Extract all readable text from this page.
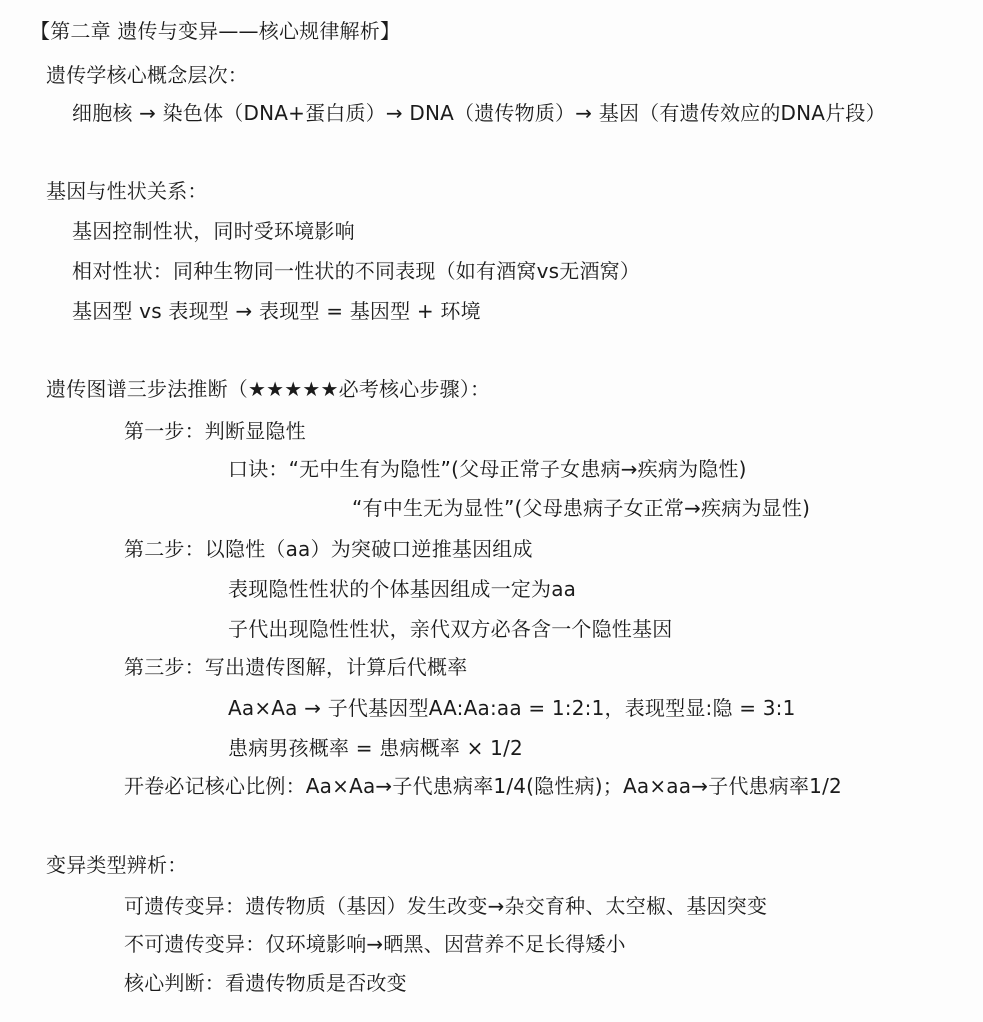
【第二章 遗传与变异——核心规律解析】
遗传学核心概念层次：
细胞核 → 染色体（DNA+蛋白质）→ DNA（遗传物质）→ 基因（有遗传效应的DNA片段）
基因与性状关系：
基因控制性状，同时受环境影响
相对性状：同种生物同一性状的不同表现（如有酒窝vs无酒窝）
基因型 vs 表现型 → 表现型 = 基因型 + 环境
遗传图谱三步法推断（★★★★★必考核心步骤）：
第一步：判断显隐性
口诀：“无中生有为隐性”(父母正常子女患病→疾病为隐性)
“有中生无为显性”(父母患病子女正常→疾病为显性)
第二步：以隐性（aa）为突破口逆推基因组成
表现隐性性状的个体基因组成一定为aa
子代出现隐性性状，亲代双方必各含一个隐性基因
第三步：写出遗传图解，计算后代概率
Aa×Aa → 子代基因型AA:Aa:aa = 1:2:1，表现型显:隐 = 3:1
患病男孩概率 = 患病概率 × 1/2
开卷必记核心比例：Aa×Aa→子代患病率1/4(隐性病)；Aa×aa→子代患病率1/2
变异类型辨析：
可遗传变异：遗传物质（基因）发生改变→杂交育种、太空椒、基因突变
不可遗传变异：仅环境影响→晒黑、因营养不足长得矮小
核心判断：看遗传物质是否改变
